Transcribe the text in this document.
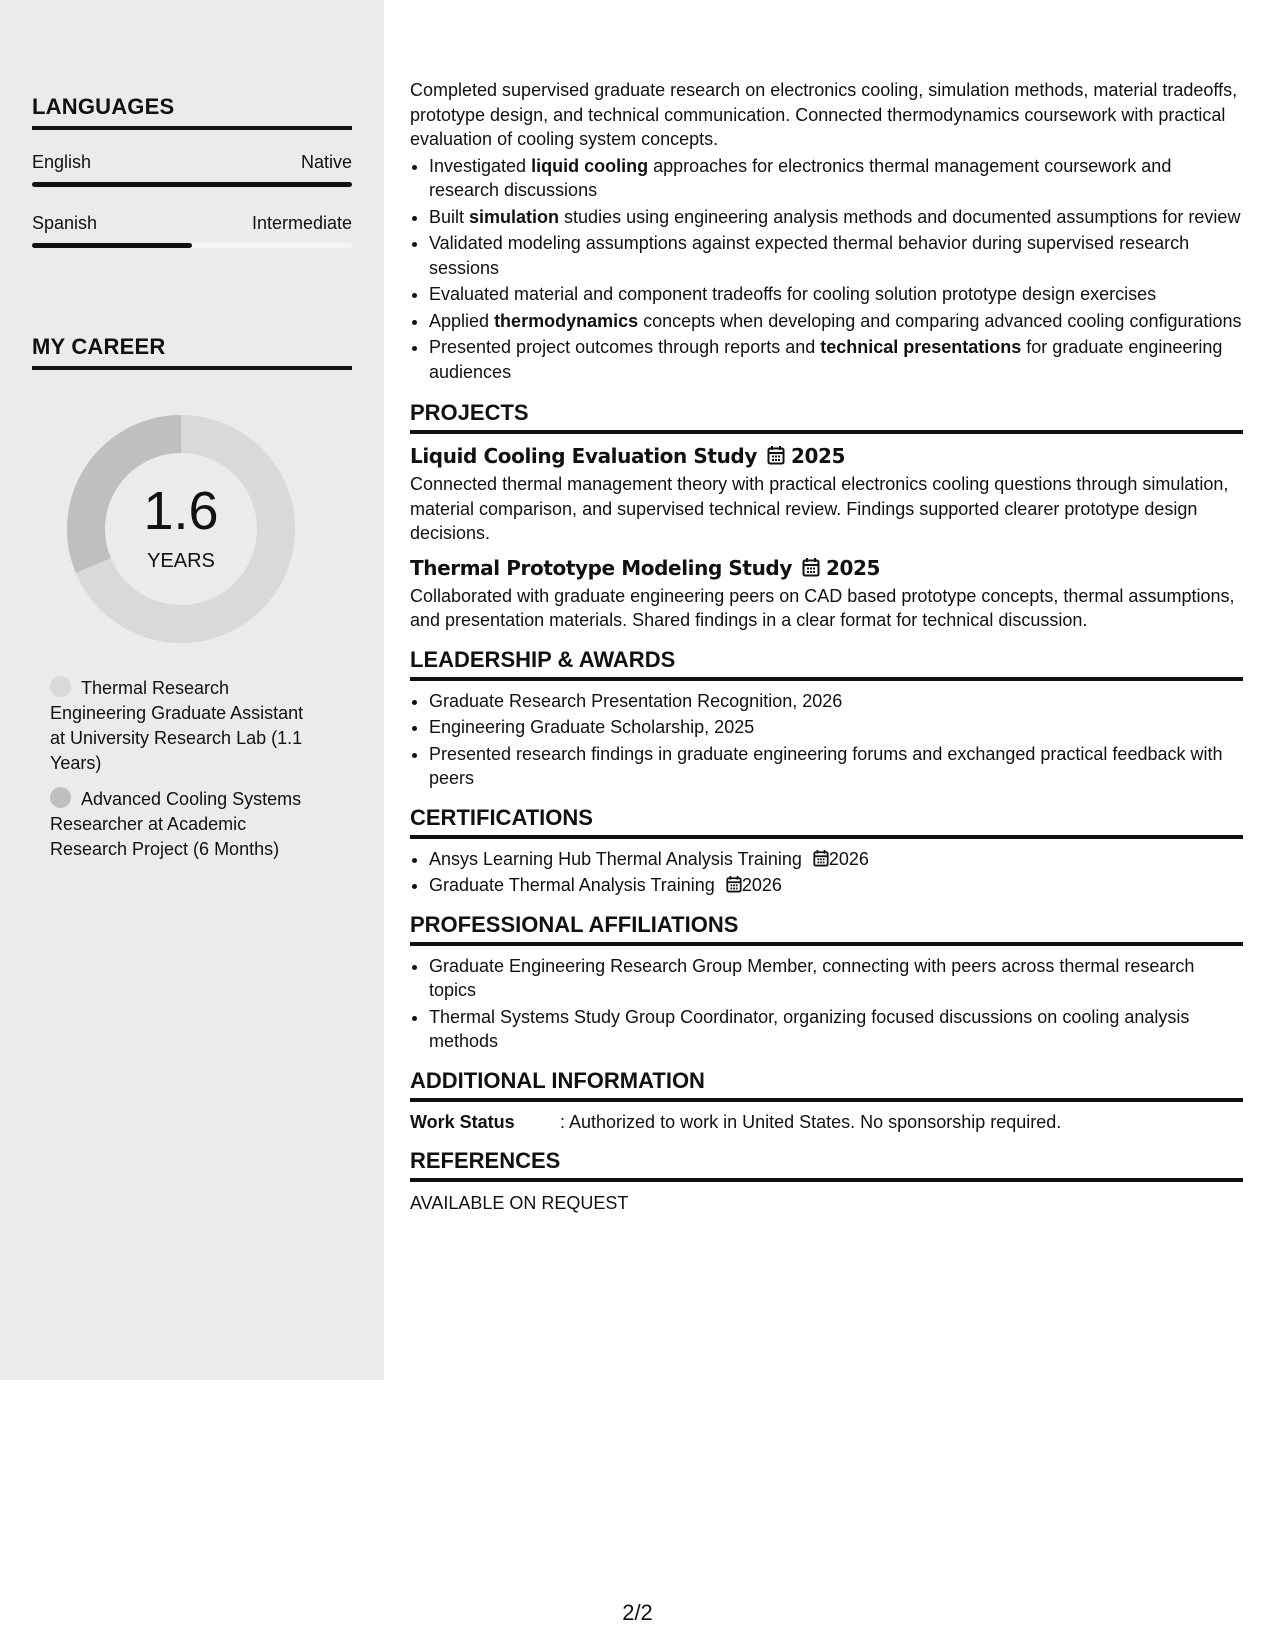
LANGUAGES
English	Native
Spanish	Intermediate
MY CAREER
1.6
YEARS
Thermal Research Engineering Graduate Assistant at University Research Lab (1.1 Years)
Advanced Cooling Systems Researcher at Academic Research Project (6 Months)

Completed supervised graduate research on electronics cooling, simulation methods, material tradeoffs, prototype design, and technical communication. Connected thermodynamics coursework with practical evaluation of cooling system concepts.

• Investigated liquid cooling approaches for electronics thermal management coursework and research discussions
• Built simulation studies using engineering analysis methods and documented assumptions for review
• Validated modeling assumptions against expected thermal behavior during supervised research sessions
• Evaluated material and component tradeoffs for cooling solution prototype design exercises
• Applied thermodynamics concepts when developing and comparing advanced cooling configurations
• Presented project outcomes through reports and technical presentations for graduate engineering audiences
PROJECTS
Liquid Cooling Evaluation Study 2025

Connected thermal management theory with practical electronics cooling questions through simulation, material comparison, and supervised technical review. Findings supported clearer prototype design decisions.

Thermal Prototype Modeling Study 2025

Collaborated with graduate engineering peers on CAD based prototype concepts, thermal assumptions, and presentation materials. Shared findings in a clear format for technical discussion.

LEADERSHIP & AWARDS
• Graduate Research Presentation Recognition, 2026
• Engineering Graduate Scholarship, 2025
• Presented research findings in graduate engineering forums and exchanged practical feedback with peers
CERTIFICATIONS
• Ansys Learning Hub Thermal Analysis Training 2026
• Graduate Thermal Analysis Training 2026
PROFESSIONAL AFFILIATIONS
• Graduate Engineering Research Group Member, connecting with peers across thermal research topics
• Thermal Systems Study Group Coordinator, organizing focused discussions on cooling analysis methods
ADDITIONAL INFORMATION

Work Status	: Authorized to work in United States. No sponsorship required.

REFERENCES

AVAILABLE ON REQUEST

2/2
